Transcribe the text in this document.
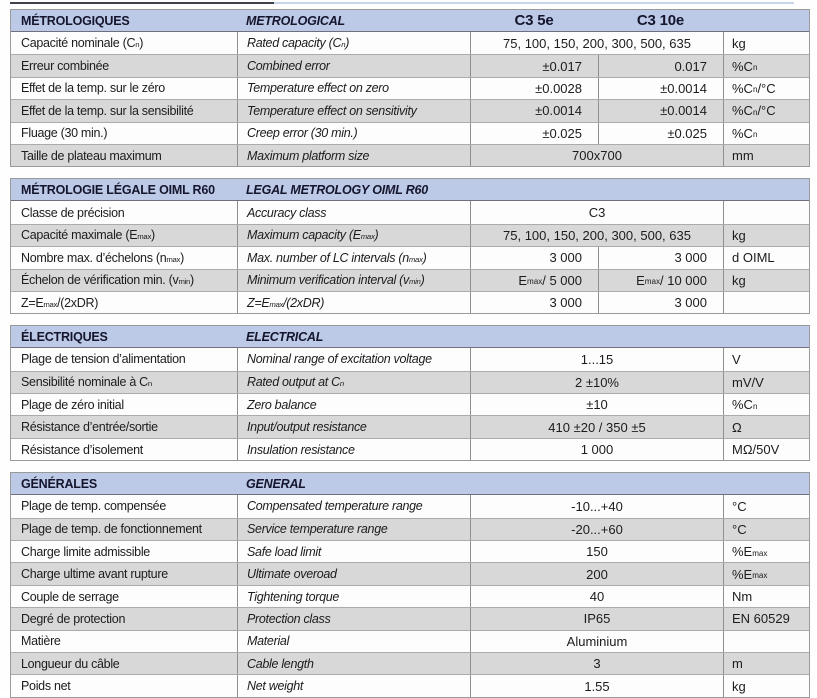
MÉTROLOGIQUES	METROLOGICAL	C3 5e	C3 10e
Capacité nominale ($C_n$ )	Rated capacity ($C_n$ )	75, 100, 150, 200, 300, 500, 635	kg
Erreur combinée	Combined error	±0.017	0.017	$\%C_n$
Effet de la temp. sur le zéro	Temperature effect on zero	±0.0028	±0.0014	$\%C_n$ /°C
Effet de la temp. sur la sensibilité	Temperature effect on sensitivity	±0.0014	±0.0014	$\%C_n$ /°C
Fluage (30 min.)	Creep error (30 min.)	±0.025	±0.025	$\%C_n$
Taille de plateau maximum	Maximum platform size	700x700	mm
MÉTROLOGIE LÉGALE OIML R60	LEGAL METROLOGY OIML R60
Classe de précision	Accuracy class	C3
Capacité maximale ($E_{max}$ )	Maximum capacity ($E_{max}$ )	75, 100, 150, 200, 300, 500, 635	kg
Nombre max. d’échelons ($n_{max}$ )	Max. number of LC intervals ($n_{max}$ )	3 000	3 000	d OIML
Échelon de vérification min. ($v_{min}$ )	Minimum verification interval ($v_{min}$ )	$E_{max} / 5$ 000	$E_{max} / 10$ 000	kg
$Z=E_{max}$ /(2xDR)	$Z=E_{max}$ /(2xDR)	3 000	3 000
ÉLECTRIQUES	ELECTRICAL
Plage de tension d’alimentation	Nominal range of excitation voltage	1...15	V
Sensibilité nominale à $C_n$	Rated output at $C_n$	2 ±10%	mV/V
Plage de zéro initial	Zero balance	±10	$\%C_n$
Résistance d’entrée/sortie	Input/output resistance	410 ±20 / 350 ±5	Ω
Résistance d’isolement	Insulation resistance	1 000	MΩ/50V
GÉNÉRALES	GENERAL
Plage de temp. compensée	Compensated temperature range	-10...+40	°C
Plage de temp. de fonctionnement	Service temperature range	-20...+60	°C
Charge limite admissible	Safe load limit	150	$\%E_{max}$
Charge ultime avant rupture	Ultimate overoad	200	$\%E_{max}$
Couple de serrage	Tightening torque	40	Nm
Degré de protection	Protection class	IP65	EN 60529
Matière	Material	Aluminium
Longueur du câble	Cable length	3	m
Poids net	Net weight	1.55	kg
